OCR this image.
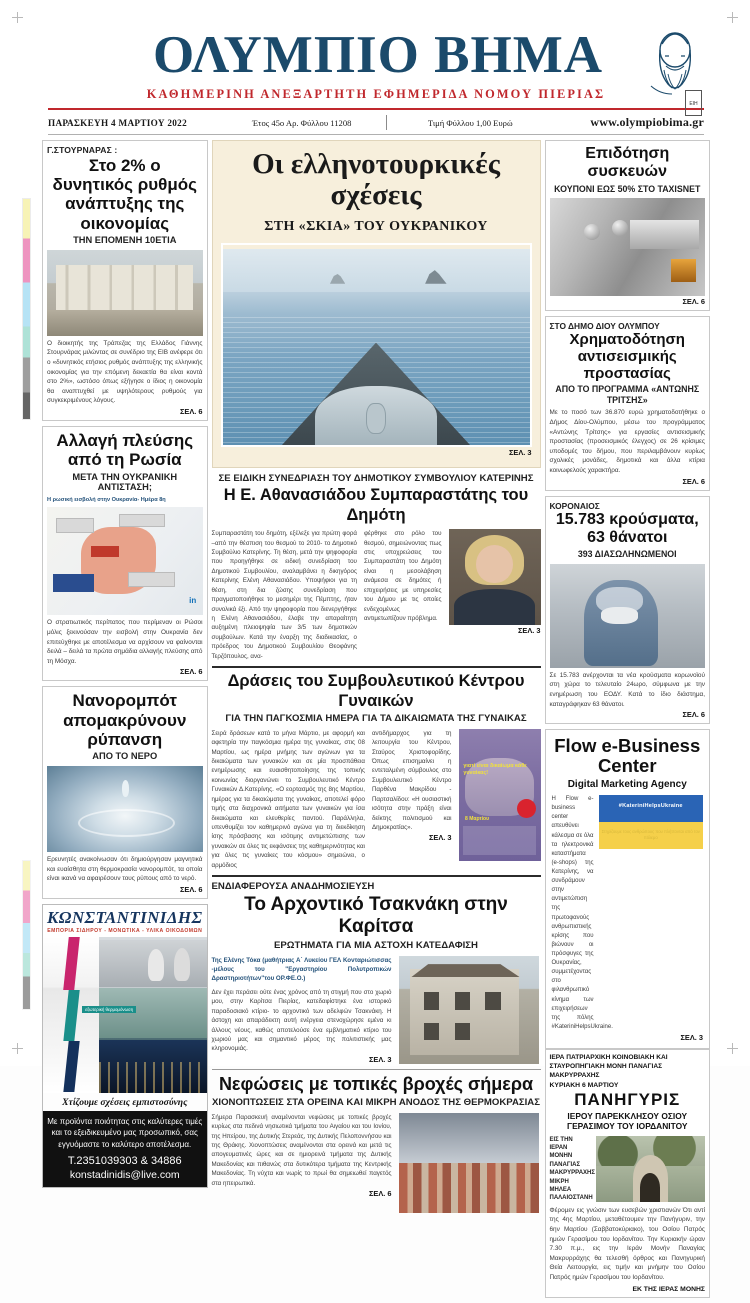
ΕΙΗ
ΟΛΥΜΠΙΟ ΒΗΜΑ
ΚΑΘΗΜΕΡΙΝΗ ΑΝΕΞΑΡΤΗΤΗ ΕΦΗΜΕΡΙΔΑ ΝΟΜΟΥ ΠΙΕΡΙΑΣ
ΠΑΡΑΣΚΕΥΗ 4 ΜΑΡΤΙΟΥ 2022	Έτος 45ο Αρ. Φύλλου 11208	Τιμή Φύλλου 1,00 Ευρώ	www.olympiobima.gr
Γ.ΣΤΟΥΡΝΑΡΑΣ :
Στο 2% ο δυνητικός ρυθμός ανάπτυξης της οικονομίας
ΤΗΝ ΕΠΟΜΕΝΗ 10ΕΤΙΑ
Ο διοικητής της Τράπεζας της Ελλάδος Γιάννης Στουρνάρας μιλώντας σε συνέδριο της ΕΙΒ ανέφερε ότι ο «δυνητικός ετήσιος ρυθμός ανάπτυξης της ελληνικής οικονομίας για την επόμενη δεκαετία θα είναι κοντά στο 2%», ωστόσο όπως εξήγησε ο ίδιος η οικονομία θα αναπτυχθεί με υψηλότερους ρυθμούς για συγκεκριμένους λόγους.
ΣΕΛ. 6
Αλλαγή πλεύσης από τη Ρωσία
ΜΕΤΑ ΤΗΝ ΟΥΚΡΑΝΙΚΗ ΑΝΤΙΣΤΑΣΗ;
Η ρωσική εισβολή στην Ουκρανία- Ημέρα 8η
in
Ο στρατιωτικός περίπατος που περίμεναν οι Ρώσοι μόλις ξεκινούσαν την εισβολή στην Ουκρανία δεν επιτεύχθηκε με αποτέλεσμα να αρχίσουν να φαίνονται δειλά – δειλά τα πρώτα σημάδια αλλαγής πλεύσης από τη Μόσχα.
ΣΕΛ. 6
Νανορομπότ απομακρύνουν ρύπανση
ΑΠΟ ΤΟ ΝΕΡΟ
Ερευνητές ανακοίνωσαν ότι δημιούργησαν μαγνητικά και ευαίσθητα στη θερμοκρασία νανορομπότ, τα οποία είναι ικανά να αφαιρέσουν τους ρύπους από το νερό.
ΣΕΛ. 6
ΚΩΝΣΤΑΝΤΙΝΙΔΗΣ
ΕΜΠΟΡΙΑ ΣΙΔΗΡΟΥ - ΜΟΝΩΤΙΚΑ - ΥΛΙΚΑ ΟΙΚΟΔΟΜΩΝ
εξωτερική θερμομόνωση
Χτίζουμε σχέσεις εμπιστοσύνης
Με προϊόντα ποιότητας στις καλύτερες τιμές και το εξειδικευμένο μας προσωπικό, σας εγγυόμαστε το καλύτερο αποτέλεσμα.
Τ.2351039303 & 34886
konstadinidis@live.com
Οι ελληνοτουρκικές σχέσεις
ΣΤΗ «ΣΚΙΑ» ΤΟΥ ΟΥΚΡΑΝΙΚΟΥ
ΣΕΛ. 3
ΣΕ ΕΙΔΙΚΗ ΣΥΝΕΔΡΙΑΣΗ ΤΟΥ ΔΗΜΟΤΙΚΟΥ ΣΥΜΒΟΥΛΙΟΥ ΚΑΤΕΡΙΝΗΣ
Η Ε. Αθανασιάδου Συμπαραστάτης του Δημότη
Συμπαραστάτη του δημότη, εξέλεξε για πρώτη φορά –από την θέσπιση του θεσμού το 2010- το Δημοτικό Συμβούλιο Κατερίνης. Τη θέση, μετά την ψηφοφορία που προηγήθηκε σε ειδική συνεδρίαση του Δημοτικού Συμβουλίου, αναλαμβάνει η δικηγόρος Κατερίνης Ελένη Αθανασιάδου. Υποψήφιοι για τη θέση, στη δια ζώσης συνεδρίαση που πραγματοποιήθηκε το μεσημέρι της Πέμπτης, ήταν συνολικά έξι. Από την ψηφοφορία που διενεργήθηκε η Ελένη Αθανασιάδου, έλαβε την απαραίτητη αυξημένη πλειοψηφία των 3/5 των δημοτικών συμβούλων. Κατά την έναρξη της διαδικασίας, ο πρόεδρος του Δημοτικού Συμβουλίου Θεοφάνης Τερζόπουλος, ανα-
φέρθηκε στο ρόλο του θεσμού, σημειώνοντας πως στις υποχρεώσεις του Συμπαραστάτη του Δημότη είναι η μεσολάβηση ανάμεσα σε δημότες ή επιχειρήσεις με υπηρεσίες του Δήμου με τις οποίες ενδεχομένως αντιμετωπίζουν πρόβλημα.
ΣΕΛ. 3
Δράσεις του Συμβουλευτικού Κέντρου Γυναικών
ΓΙΑ ΤΗΝ ΠΑΓΚΟΣΜΙΑ ΗΜΕΡΑ ΓΙΑ ΤΑ ΔΙΚΑΙΩΜΑΤΑ ΤΗΣ ΓΥΝΑΙΚΑΣ
Σειρά δράσεων κατά το μήνα Μάρτιο, με αφορμή και αφετηρία την παγκόσμια ημέρα της γυναίκας, στις 08 Μαρτίου, ως ημέρα μνήμης των αγώνων για τα δικαιώματα των γυναικών και σε μία προσπάθεια ενημέρωσης και ευαισθητοποίησης της τοπικής κοινωνίας διοργανώνει το Συμβουλευτικό Κέντρο Γυναικών Δ.Κατερίνης. «Ο εορτασμός της 8ης Μαρτίου, ημέρας για τα δικαιώματα της γυναίκας, αποτελεί φόρο τιμής στα διαχρονικά αιτήματα των γυναικών για ίσα δικαιώματα και ελευθερίες παντού. Παράλληλα, υπενθυμίζει τον καθημερινό αγώνα για τη διεκδίκηση ίσης πρόσβασης και ισότιμης αντιμετώπισης των γυναικών σε όλες τις εκφάνσεις της καθημερινότητας και για όλες τις γυναίκες του κόσμου» σημειώνει, ο αρμόδιος
αντιδήμαρχος για τη λειτουργία του Κέντρου, Σταύρος Χριστοφορίδης. Όπως επισημαίνει η εντεταλμένη σύμβουλος στο Συμβουλευτικό Κέντρο Παρθένα Μακρίδου - Παρτσαλίδου: «Η ουσιαστική ισότητα στην πράξη είναι δείκτης πολιτισμού και Δημοκρατίας».
ΣΕΛ. 3
γιατί είναι δικαίωμα κάθε γυναίκας!
8 Μαρτίου
ΕΝΔΙΑΦΕΡΟΥΣΑ ΑΝΑΔΗΜΟΣΙΕΥΣΗ
Το Αρχοντικό Τσακνάκη στην Καρίτσα
ΕΡΩΤΗΜΑΤΑ ΓΙΑ ΜΙΑ ΑΣΤΟΧΗ ΚΑΤΕΔΑΦΙΣΗ
Της Ελένης Τόκα (μαθήτριας Α΄ Λυκείου ΓΕΛ Κονταριώτισσας -μέλους του "Εργαστηρίου Πολυτροπικών Δραστηριοτήτων"του ΟΡ.ΦΕ.Ο.)
Δεν έχει περάσει ούτε ένας χρόνος από τη στιγμή που στο χωριό μου, στην Καρίτσα Πιερίας, κατεδαφίστηκε ένα ιστορικό παραδοσιακό κτίριο- το αρχοντικό των αδελφών Τσακνάκη. Η άστοχη και απαράδεκτη αυτή ενέργεια στενοχώρησε εμένα κι άλλους νέους, καθώς αποτελούσε ένα εμβληματικό κτίριο του χωριού μας και σημαντικό μέρος της πολιτιστικής μας κληρονομιάς.
ΣΕΛ. 3
Νεφώσεις με τοπικές βροχές σήμερα
ΧΙΟΝΟΠΤΩΣΕΙΣ ΣΤΑ ΟΡΕΙΝΑ ΚΑΙ ΜΙΚΡΗ ΑΝΟΔΟΣ ΤΗΣ ΘΕΡΜΟΚΡΑΣΙΑΣ
Σήμερα Παρασκευή αναμένονται νεφώσεις με τοπικές βροχές κυρίως στα πεδινά νησιωτικά τμήματα του Αιγαίου και του Ιονίου, της Ηπείρου, της Δυτικής Στερεάς, της Δυτικής Πελοποννήσου και της Θράκης. Χιονοπτώσεις αναμένονται στα ορεινά και μετά τις απογευματινές ώρες και σε ημιορεινά τμήματα της Δυτικής Μακεδονίας και πιθανώς στα δυτικότερα τμήματα της Κεντρικής Μακεδονίας. Τη νύχτα και νωρίς το πρωί θα σημειωθεί παγετός στα ηπειρωτικά.
ΣΕΛ. 6
Επιδότηση συσκευών
ΚΟΥΠΟΝΙ ΕΩΣ 50% ΣΤΟ TAXISNET
ΣΕΛ. 6
ΣΤΟ ΔΗΜΟ ΔΙΟΥ ΟΛΥΜΠΟΥ
Χρηματοδότηση αντισεισμικής προστασίας
ΑΠΟ ΤΟ ΠΡΟΓΡΑΜΜΑ «ΑΝΤΩΝΗΣ ΤΡΙΤΣΗΣ»
Με το ποσό των 36.870 ευρώ χρηματοδοτήθηκε ο Δήμος Δίου-Ολύμπου, μέσω του προγράμματος «Αντώνης Τρίτσης» για εργασίες αντισεισμικής προστασίας (προσεισμικός έλεγχος) σε 26 κρίσιμες υποδομές του δήμου, που περιλαμβάνουν κυρίως σχολικές μονάδες, δημοτικά και άλλα κτίρια κοινωφελούς χαρακτήρα.
ΣΕΛ. 6
ΚΟΡΟΝΑΙΟΣ
15.783 κρούσματα, 63 θάνατοι
393 ΔΙΑΣΩΛΗΝΩΜΕΝΟΙ
Σε 15.783 ανέρχονται τα νέα κρούσματα κορωνοϊού στη χώρα το τελευταίο 24ωρο, σύμφωνα με την ενημέρωση του ΕΟΔΥ. Κατά το ίδιο διάστημα, καταγράφηκαν 63 θάνατοι.
ΣΕΛ. 6
Flow e-Business Center
Digital Marketing Agency
Η Flow e-business center απευθύνει κάλεσμα σε όλα τα ηλεκτρονικά καταστήματα (e-shops) της Κατερίνης, να συνδράμουν στην αντιμετώπιση της πρωτοφανούς ανθρωπιστικής κρίσης που βιώνουν οι πρόσφυγες της Ουκρανίας, συμμετέχοντας στο φιλανθρωπικό κίνημα των επιχειρήσεων της πόλης #KateriniHelpsUkraine.
#KateriniHelpsUkraine
Στηρίζουμε τους ανθρώπους που πλήττονται από τον πόλεμο
ΣΕΛ. 3
ΙΕΡΑ ΠΑΤΡΙΑΡΧΙΚΗ ΚΟΙΝΟΒΙΑΚΗ ΚΑΙ ΣΤΑΥΡΟΠΗΓΙΑΚΗ ΜΟΝΗ ΠΑΝΑΓΙΑΣ ΜΑΚΡΥΡΡΑΧΗΣ
ΚΥΡΙΑΚΗ 6 ΜΑΡΤΙΟΥ
ΠΑΝΗΓΥΡΙΣ
ΙΕΡΟΥ ΠΑΡΕΚΚΛΗΣΟΥ ΟΣΙΟΥ ΓΕΡΑΣΙΜΟΥ ΤΟΥ ΙΟΡΔΑΝΙΤΟΥ
ΕΙΣ ΤΗΝ ΙΕΡΑΝ ΜΟΝΗΝ ΠΑΝΑΓΙΑΣ ΜΑΚΡΥΡΡΑΧΗΣ ΜΙΚΡΗ ΜΗΛΕΑ ΠΑΛΑΙΟΣΤΑΝΗ
Φέρομεν εις γνώσιν των ευσεβών χριστιανών Ότι αντί της 4ης Μαρτίου, μεταθέτουμεν την Πανήγυριν, την 6ην Μαρτίου (Σαββατοκύριακο), του Οσίου Πατρός ημών Γερασίμου του Ιορδανίτου. Την Κυριακήν ώραν 7.30 π.μ., εις την Ιεράν Μονήν Παναγίας Μακρυρράχης θα τελεσθή όρθρος και Πανηγυρική Θεία Λειτουργία, εις τιμήν και μνήμην του Οσίου Πατρός ημών Γερασίμου του Ιορδανίτου.
ΕΚ ΤΗΣ ΙΕΡΑΣ ΜΟΝΗΣ
